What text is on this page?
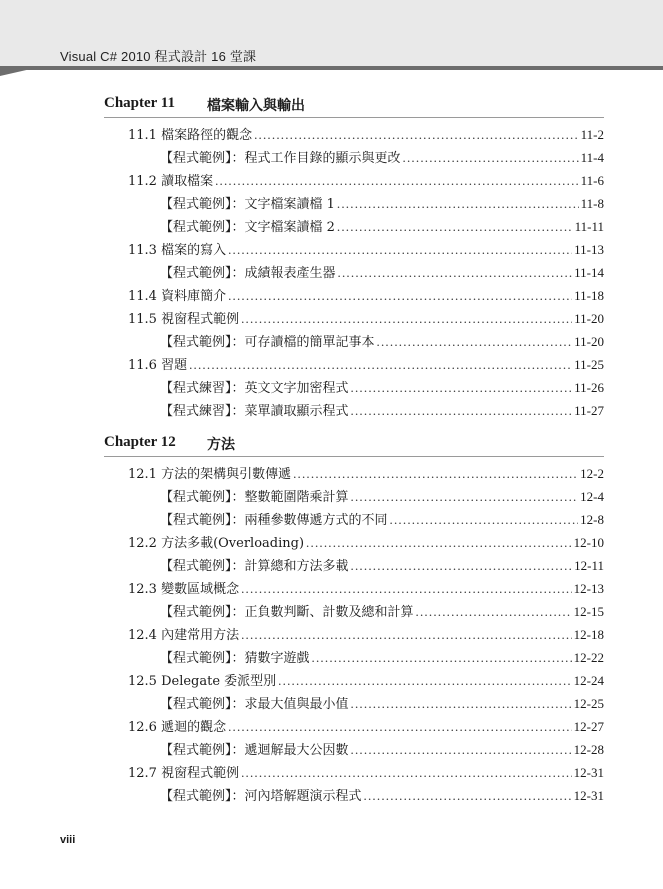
Visual C# 2010 程式設計 16 堂課
Chapter 11 檔案輸入與輸出
11.1 檔案路徑的觀念 .....	11-2
【程式範例】：程式工作目錄的顯示與更改 .....	11-4
11.2 讀取檔案 .....	11-6
【程式範例】：文字檔案讀檔 1 .....	11-8
【程式範例】：文字檔案讀檔 2 .....	11-11
11.3 檔案的寫入 .....	11-13
【程式範例】：成績報表產生器 .....	11-14
11.4 資料庫簡介 .....	11-18
11.5 視窗程式範例 .....	11-20
【程式範例】：可存讀檔的簡單記事本 .....	11-20
11.6 習題 .....	11-25
【程式練習】：英文文字加密程式 .....	11-26
【程式練習】：菜單讀取顯示程式 .....	11-27
Chapter 12 方法
12.1 方法的架構與引數傳遞 .....	12-2
【程式範例】：整數範圍階乘計算 .....	12-4
【程式範例】：兩種參數傳遞方式的不同 .....	12-8
12.2 方法多載(Overloading) .....	12-10
【程式範例】：計算總和方法多載 .....	12-11
12.3 變數區域概念 .....	12-13
【程式範例】：正負數判斷、計數及總和計算 .....	12-15
12.4 內建常用方法 .....	12-18
【程式範例】：猜數字遊戲 .....	12-22
12.5 Delegate 委派型別 .....	12-24
【程式範例】：求最大值與最小值 .....	12-25
12.6 遞迴的觀念 .....	12-27
【程式範例】：遞迴解最大公因數 .....	12-28
12.7 視窗程式範例 .....	12-31
【程式範例】：河內塔解題演示程式 .....	12-31
viii
